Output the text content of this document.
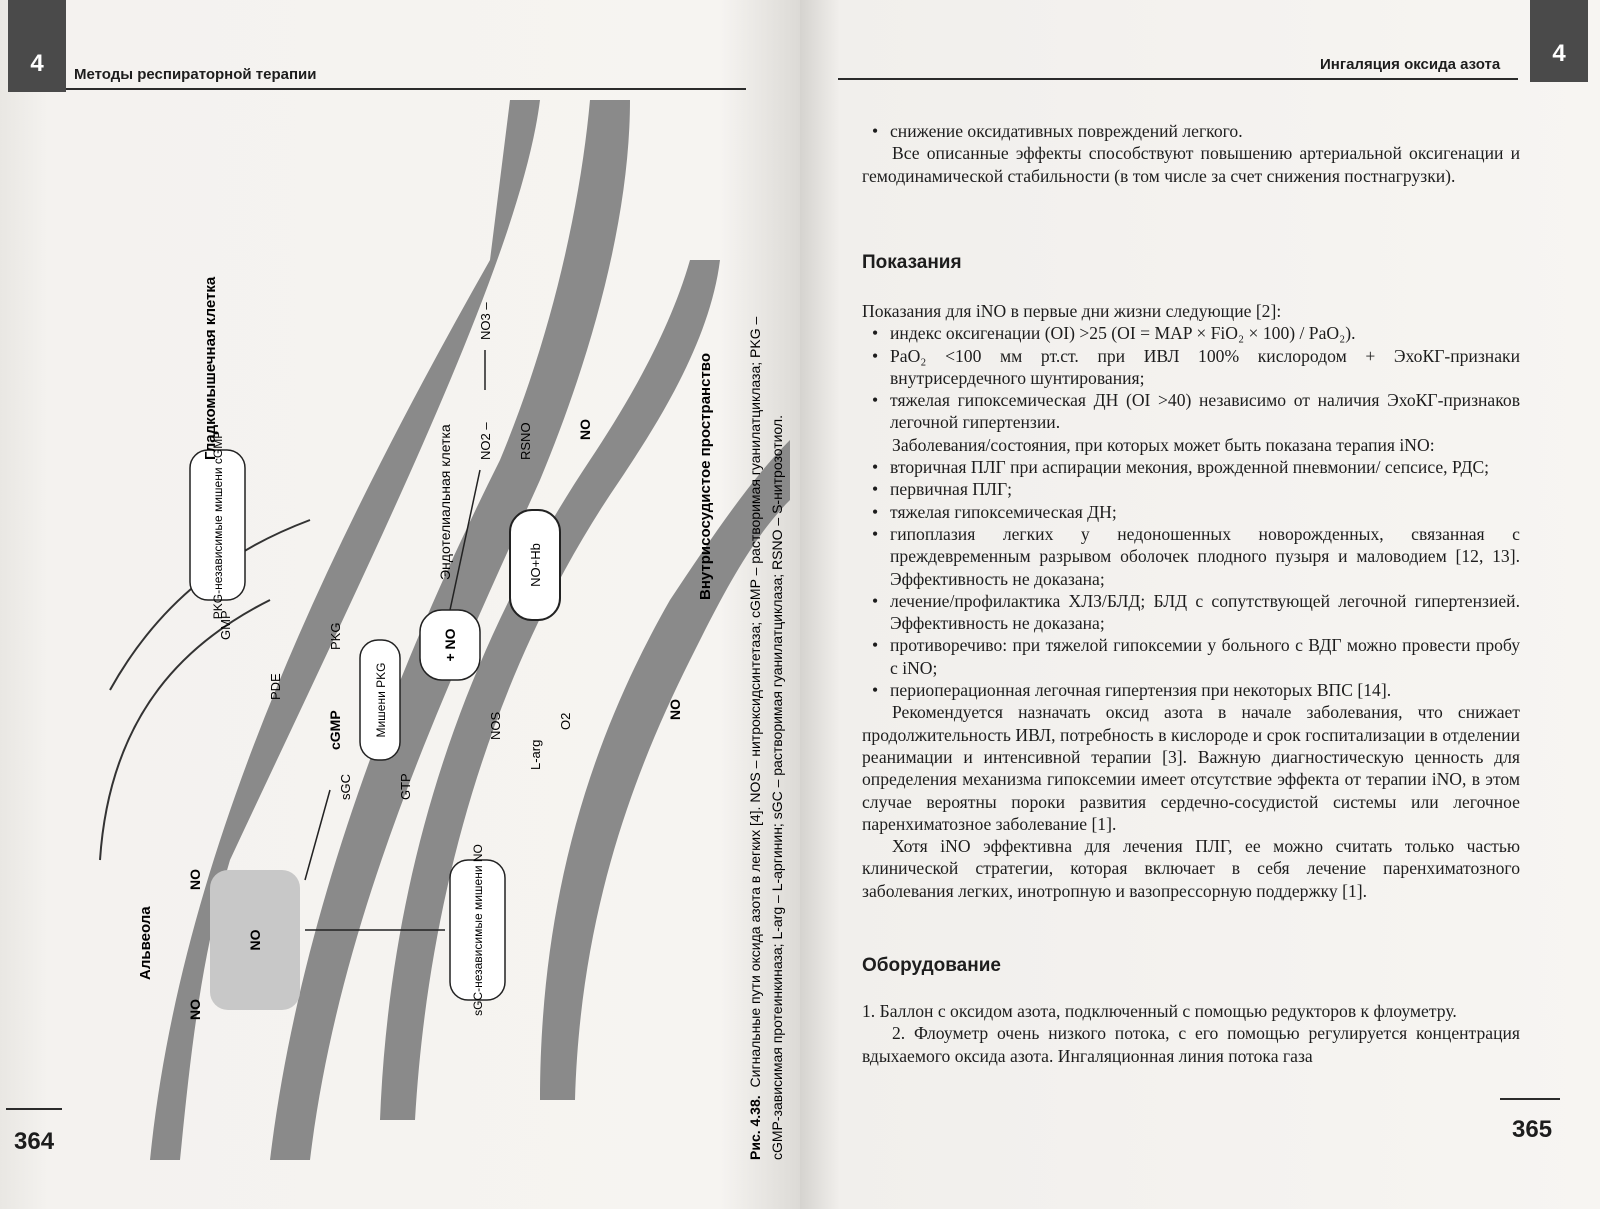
4 Методы респираторной терапии
NO
Альвеола
NO
NO	sGC-независимые мишени NO
sGC	GTP
cGMP
PDE
GMP	PKG
Мишени PKG
PKG-независимые мишени cGMP
+ NO
NOS
L-arg
O2
NO+Hb
RSNO
NO2 –
NO3 –
Гладкомышечная клетка
Эндотелиальная клетка	Внутрисосудистое пространство
NO
NO
Рис. 4.38. Сигнальные пути оксида азота в легких [4]. NOS – нитроксидсинтетаза; cGMP – растворимая гуанилатциклаза; PKG – cGMP-зависимая протеинкиназа; L-arg – L-аргинин; sGC – растворимая гуанилатциклаза; RSNO – S-нитрозотиол.
364
Ингаляция оксида азота 4
365
• снижение оксидативных повреждений легкого.

Все описанные эффекты способствуют повышению артериальной оксигенации и гемодинамической стабильности (в том числе за счет снижения постнагрузки).

Показания

Показания для iNO в первые дни жизни следующие [2]:

• индекс оксигенации (OI) >25 (OI = MAP × FiO₂ × 100) / PaO₂).
• PaO₂ <100 мм рт.ст. при ИВЛ 100% кислородом + ЭхоКГ-признаки внутрисердечного шунтирования;
• тяжелая гипоксемическая ДН (OI >40) независимо от наличия ЭхоКГ-признаков легочной гипертензии.

Заболевания/состояния, при которых может быть показана терапия iNO:

• вторичная ПЛГ при аспирации мекония, врожденной пневмонии/ сепсисе, РДС;
• первичная ПЛГ;
• тяжелая гипоксемическая ДН;
• гипоплазия легких у недоношенных новорожденных, связанная с преждевременным разрывом оболочек плодного пузыря и маловодием [12, 13]. Эффективность не доказана;
• лечение/профилактика ХЛЗ/БЛД; БЛД с сопутствующей легочной гипертензией. Эффективность не доказана;
• противоречиво: при тяжелой гипоксемии у больного с ВДГ можно провести пробу с iNO;
• периоперационная легочная гипертензия при некоторых ВПС [14].

Рекомендуется назначать оксид азота в начале заболевания, что снижает продолжительность ИВЛ, потребность в кислороде и срок госпитализации в отделении реанимации и интенсивной терапии [3]. Важную диагностическую ценность для определения механизма гипоксемии имеет отсутствие эффекта от терапии iNO, в этом случае вероятны пороки развития сердечно-сосудистой системы или легочное паренхиматозное заболевание [1].

Хотя iNO эффективна для лечения ПЛГ, ее можно считать только частью клинической стратегии, которая включает в себя лечение паренхиматозного заболевания легких, инотропную и вазопрессорную поддержку [1].

Оборудование

1. Баллон с оксидом азота, подключенный с помощью редукторов к флоуметру.

2. Флоуметр очень низкого потока, с его помощью регулируется концентрация вдыхаемого оксида азота. Ингаляционная линия потока газа
